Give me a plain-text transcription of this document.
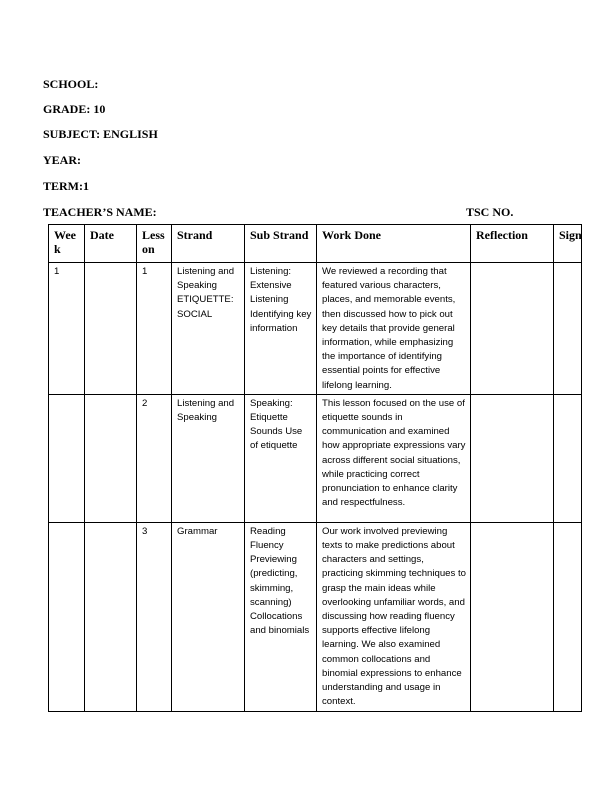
SCHOOL:
GRADE: 10
SUBJECT: ENGLISH
YEAR:
TERM:1
TEACHER’S NAME:	TSC NO.
Wee k	Date	Less on	Strand	Sub Strand	Work Done	Reflection	Sign
1		1	Listening and Speaking ETIQUETTE: SOCIAL	Listening: Extensive Listening Identifying key information	We reviewed a recording that featured various characters, places, and memorable events, then discussed how to pick out key details that provide general information, while emphasizing the importance of identifying essential points for effective lifelong learning.		
		2	Listening and Speaking	Speaking: Etiquette Sounds Use of etiquette	This lesson focused on the use of etiquette sounds in communication and examined how appropriate expressions vary across different social situations, while practicing correct pronunciation to enhance clarity and respectfulness.		
		3	Grammar	Reading Fluency Previewing (predicting, skimming, scanning) Collocations and binomials	Our work involved previewing texts to make predictions about characters and settings, practicing skimming techniques to grasp the main ideas while overlooking unfamiliar words, and discussing how reading fluency supports effective lifelong learning. We also examined common collocations and binomial expressions to enhance understanding and usage in context.		
